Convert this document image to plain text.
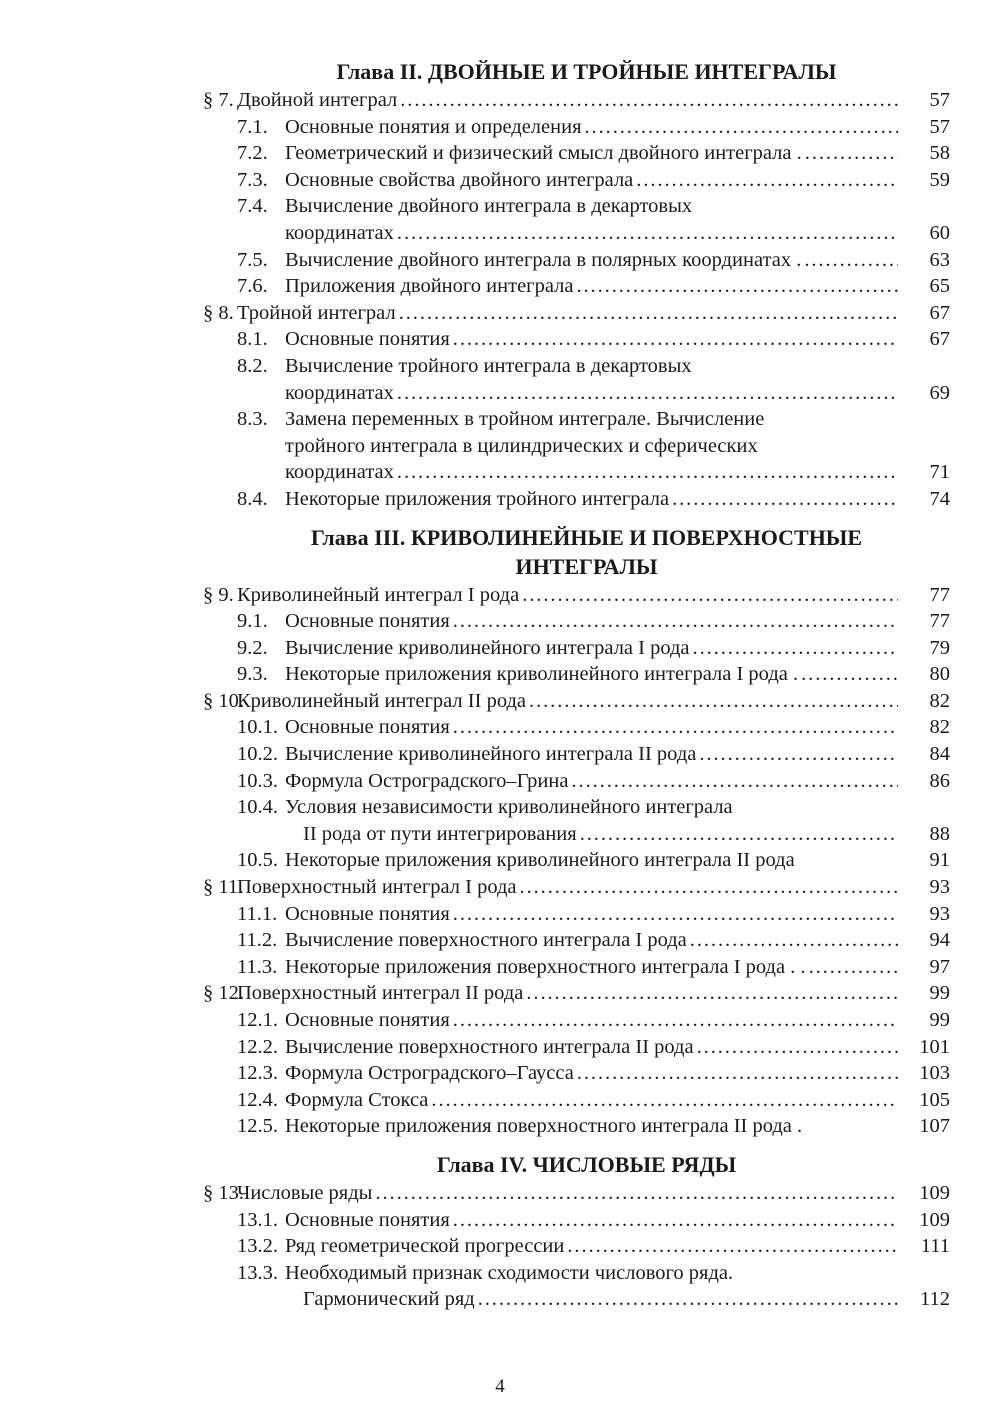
Глава II. ДВОЙНЫЕ И ТРОЙНЫЕ ИНТЕГРАЛЫ
§ 7. Двойной интеграл . . .	57
7.1. Основные понятия и определения . . .	57
7.2. Геометрический и физический смысл двойного интеграла . . . .	58
7.3. Основные свойства двойного интеграла . . .	59
7.4. Вычисление двойного интеграла в декартовых
координатах . . .	60
7.5. Вычисление двойного интеграла в полярных координатах . . . .	63
7.6. Приложения двойного интеграла . . .	65
§ 8. Тройной интеграл . . .	67
8.1. Основные понятия . . .	67
8.2. Вычисление тройного интеграла в декартовых
координатах . . .	69
8.3. Замена переменных в тройном интеграле. Вычисление
тройного интеграла в цилиндрических и сферических
координатах . . .	71
8.4. Некоторые приложения тройного интеграла . . .	74
Глава III. КРИВОЛИНЕЙНЫЕ И ПОВЕРХНОСТНЫЕ
ИНТЕГРАЛЫ
§ 9. Криволинейный интеграл I рода . . .	77
9.1. Основные понятия . . .	77
9.2. Вычисление криволинейного интеграла I рода . . .	79
9.3. Некоторые приложения криволинейного интеграла I рода . . . .	80
§ 10.
Криволинейный интеграл II рода . . .	82
10.1. Основные понятия . . .	82
10.2. Вычисление криволинейного интеграла II рода . . .	84
10.3. Формула Остроградского–Грина . . .	86
10.4. Условия независимости криволинейного интеграла
II рода от пути интегрирования . . .	88
10.5. Некоторые приложения криволинейного интеграла II рода	91
§ 11.
Поверхностный интеграл I рода . . .	93
11.1. Основные понятия . . .	93
11.2. Вычисление поверхностного интеграла I рода . . .	94
11.3. Некоторые приложения поверхностного интеграла I рода . . . . .	97
§ 12.
Поверхностный интеграл II рода . . .	99
12.1. Основные понятия . . .	99
12.2. Вычисление поверхностного интеграла II рода . . .	101
12.3. Формула Остроградского–Гаусса . . .	103
12.4. Формула Стокса . . .	105
12.5. Некоторые приложения поверхностного интеграла II рода .	107
Глава IV. ЧИСЛОВЫЕ РЯДЫ
§ 13.
Числовые ряды . . .	109
13.1. Основные понятия . . .	109
13.2. Ряд геометрической прогрессии . . .	111
13.3. Необходимый признак сходимости числового ряда.
Гармонический ряд . . .	112
4
